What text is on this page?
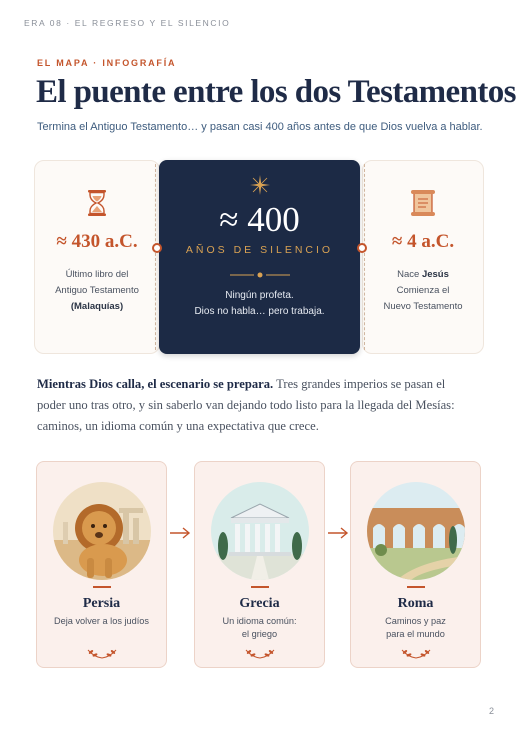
ERA 08 · EL REGRESO Y EL SILENCIO
EL MAPA · INFOGRAFÍA
El puente entre los dos Testamentos
Termina el Antiguo Testamento… y pasan casi 400 años antes de que Dios vuelva a hablar.
≈ 430 a.C.
Último libro del
Antiguo Testamento
(Malaquías)
≈ 4 a.C.
Nace Jesús
Comienza el
Nuevo Testamento
≈ 400
AÑOS DE SILENCIO
Ningún profeta.
Dios no habla… pero trabaja.

Mientras Dios calla, el escenario se prepara. Tres grandes imperios se pasan el poder uno tras otro, y sin saberlo van dejando todo listo para la llegada del Mesías: caminos, un idioma común y una expectativa que crece.

Persia
Deja volver a los judíos
Grecia
Un idioma común:
el griego
Roma
Caminos y paz
para el mundo
2
